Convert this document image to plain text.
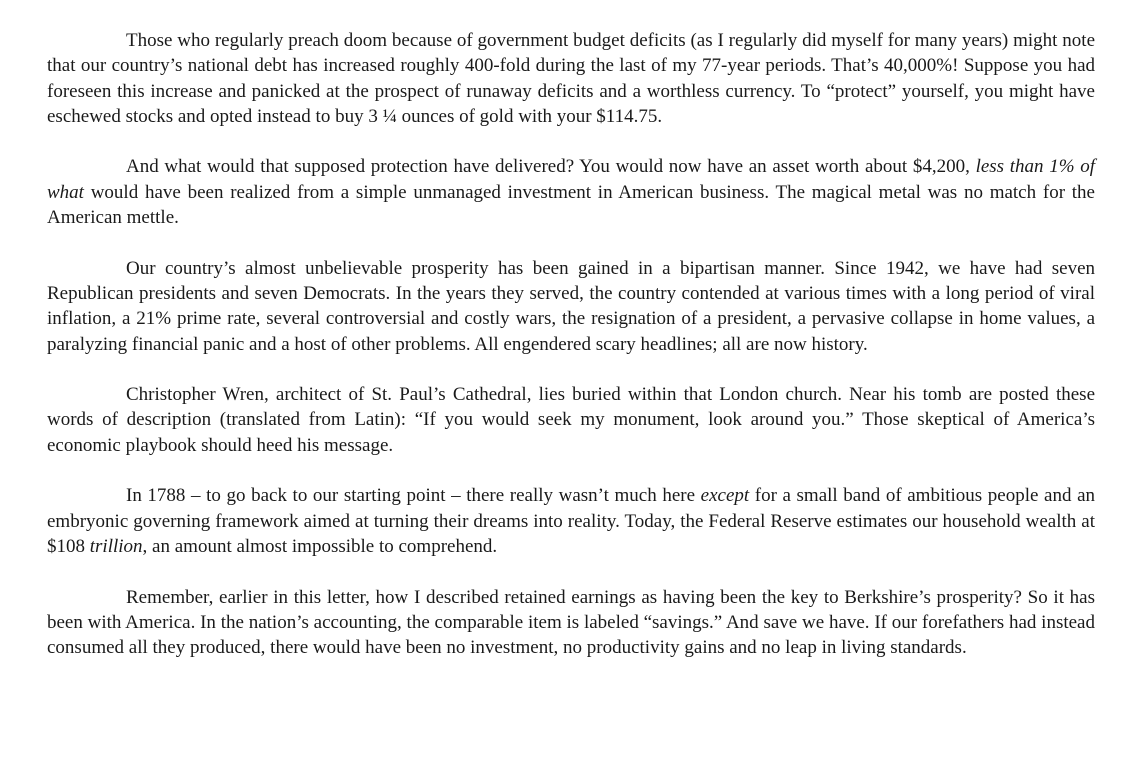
Those who regularly preach doom because of government budget deficits (as I regularly did myself for many years) might note that our country’s national debt has increased roughly 400-fold during the last of my 77-year periods. That’s 40,000%! Suppose you had foreseen this increase and panicked at the prospect of runaway deficits and a worthless currency. To “protect” yourself, you might have eschewed stocks and opted instead to buy 3 ¼ ounces of gold with your $114.75.

And what would that supposed protection have delivered? You would now have an asset worth about $4,200, less than 1% of what would have been realized from a simple unmanaged investment in American business. The magical metal was no match for the American mettle.

Our country’s almost unbelievable prosperity has been gained in a bipartisan manner. Since 1942, we have had seven Republican presidents and seven Democrats. In the years they served, the country contended at various times with a long period of viral inflation, a 21% prime rate, several controversial and costly wars, the resignation of a president, a pervasive collapse in home values, a paralyzing financial panic and a host of other problems. All engendered scary headlines; all are now history.

Christopher Wren, architect of St. Paul’s Cathedral, lies buried within that London church. Near his tomb are posted these words of description (translated from Latin): “If you would seek my monument, look around you.” Those skeptical of America’s economic playbook should heed his message.

In 1788 – to go back to our starting point – there really wasn’t much here except for a small band of ambitious people and an embryonic governing framework aimed at turning their dreams into reality. Today, the Federal Reserve estimates our household wealth at $108 trillion, an amount almost impossible to comprehend.

Remember, earlier in this letter, how I described retained earnings as having been the key to Berkshire’s prosperity? So it has been with America. In the nation’s accounting, the comparable item is labeled “savings.” And save we have. If our forefathers had instead consumed all they produced, there would have been no investment, no productivity gains and no leap in living standards.
